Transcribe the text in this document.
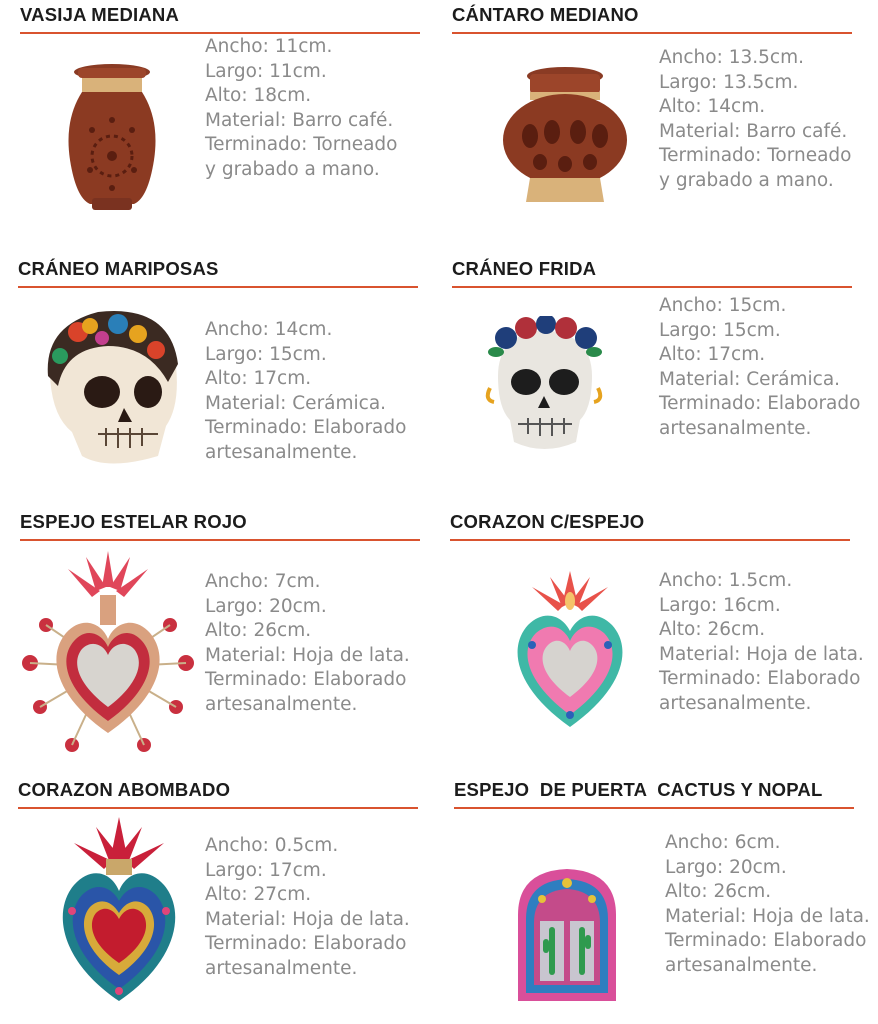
VASIJA MEDIANA
Ancho: 11cm.
Largo: 11cm.
Alto: 18cm.
Material: Barro café.
Terminado: Torneado
y grabado a mano.
CÁNTARO MEDIANO
Ancho: 13.5cm.
Largo: 13.5cm.
Alto: 14cm.
Material: Barro café.
Terminado: Torneado
y grabado a mano.
CRÁNEO MARIPOSAS
Ancho: 14cm.
Largo: 15cm.
Alto: 17cm.
Material: Cerámica.
Terminado: Elaborado
artesanalmente.
CRÁNEO FRIDA
Ancho: 15cm.
Largo: 15cm.
Alto: 17cm.
Material: Cerámica.
Terminado: Elaborado
artesanalmente.
ESPEJO ESTELAR ROJO
Ancho: 7cm.
Largo: 20cm.
Alto: 26cm.
Material: Hoja de lata.
Terminado: Elaborado
artesanalmente.
CORAZON C/ESPEJO
Ancho: 1.5cm.
Largo: 16cm.
Alto: 26cm.
Material: Hoja de lata.
Terminado: Elaborado
artesanalmente.
CORAZON ABOMBADO
Ancho: 0.5cm.
Largo: 17cm.
Alto: 27cm.
Material: Hoja de lata.
Terminado: Elaborado
artesanalmente.
ESPEJO  DE PUERTA  CACTUS Y NOPAL
Ancho: 6cm.
Largo: 20cm.
Alto: 26cm.
Material: Hoja de lata.
Terminado: Elaborado
artesanalmente.
